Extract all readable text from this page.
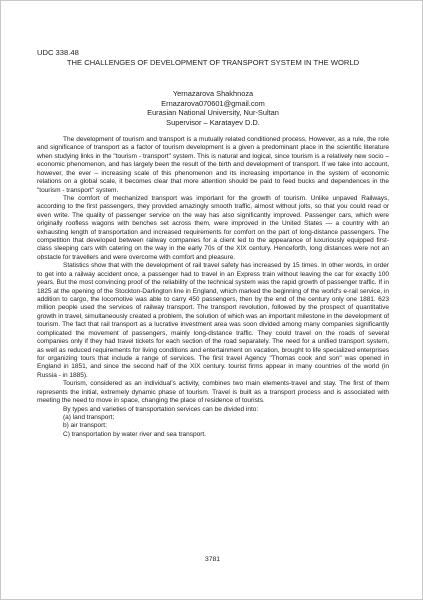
UDC 338.48
THE CHALLENGES OF DEVELOPMENT OF TRANSPORT SYSTEM IN THE WORLD
Yernazarova Shakhnoza
Ernazarova070601@gmail.com
Eurasian National University, Nur-Sultan
Supervisor – Karatayev D.D.

The development of tourism and transport is a mutually related conditioned process. However, as a rule, the role and significance of transport as a factor of tourism development is a given a predominant place in the scientific literature when studying links in the "tourism - transport" system. This is natural and logical, since tourism is a relatively new socio – economic phenomenon, and has largely been the result of the birth and development of transport. If we take into account, however, the ever – increasing scale of this phenomenon and its increasing importance in the system of economic relations on a global scale, it becomes clear that more attention should be paid to feed bucks and dependences in the "tourism - transport" system.

The comfort of mechanized transport was important for the growth of tourism. Unlike unpaved Railways, according to the first passengers, they provided amazingly smooth traffic, almost without jolts, so that you could read or even write. The quality of passenger service on the way has also significantly improved. Passenger cars, which were originally roofless wagons with benches set across them, were improved in the United States — a country with an exhausting length of transportation and increased requirements for comfort on the part of long-distance passengers. The competition that developed between railway companies for a client led to the appearance of luxuriously equipped first-class sleeping cars with catering on the way in the early 70s of the XIX century. Henceforth, long distances were not an obstacle for travellers and were overcome with comfort and pleasure.

Statistics show that with the development of rail travel safety has increased by 15 times. In other words, in order to get into a railway accident once, a passenger had to travel in an Express train without leaving the car for exactly 100 years. But the most convincing proof of the reliability of the technical system was the rapid growth of passenger traffic. If in 1825 at the opening of the Stockton-Darlington line in England, which marked the beginning of the world's e-rail service, in addition to cargo, the locomotive was able to carry 450 passengers, then by the end of the century only one 1881. 623 million people used the services of railway transport. The transport revolution, followed by the prospect of quantitative growth in travel, simultaneously created a problem, the solution of which was an important milestone in the development of tourism. The fact that rail transport as a lucrative investment area was soon divided among many companies significantly complicated the movement of passengers, mainly long-distance traffic. They could travel on the roads of several companies only if they had travel tickets for each section of the road separately. The need for a unified transport system, as well as reduced requirements for living conditions and entertainment on vacation, brought to life specialized enterprises for organizing tours that include a range of services. The first travel Agency "Thomas cook and son" was opened in England in 1851, and since the second half of the XIX century. tourist firms appear in many countries of the world (in Russia - in 1885).

Tourism, considered as an individual's activity, combines two main elements-travel and stay. The first of them represents the initial, extremely dynamic phase of tourism. Travel is built as a transport process and is associated with meeting the need to move in space, changing the place of residence of tourists.

By types and varieties of transportation services can be divided into:

(a) land transport;

b) air transport;

C) transportation by water river and sea transport.

3781
